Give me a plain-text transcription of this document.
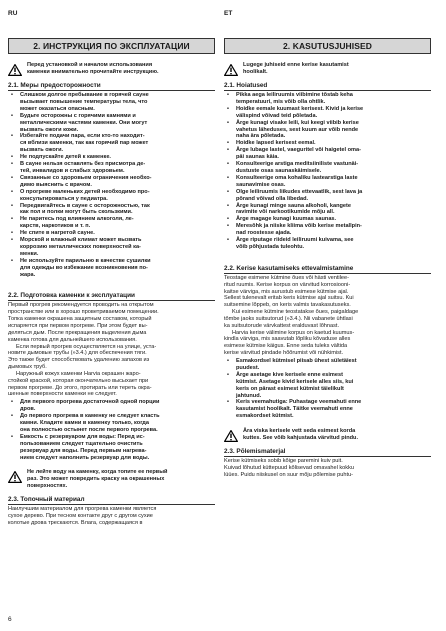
RU	ET
2. ИНСТРУКЦИЯ ПО ЭКСПЛУАТАЦИИ
Перед установкой и началом использования
каменки внимательно прочитайте инструкцию.
2.1. Меры предосторожности
• Слишком долгое пребывание в горячей сауне
вызывает повышение температуры тела, что
может оказаться опасным.
• Будьте осторожны с горячими камнями и
металлическими частями каменки. Они могут
вызвать ожоги кожи.
• Избегайте подачи пара, если кто-то находит-
ся вблизи каменки, так как горячий пар может
вызвать ожоги.
• Не подпускайте детей к каменке.
• В сауне нельзя оставлять без присмотра де-
тей, инвалидов и слабых здоровьем.
• Связанные со здоровьем ограничения необхо-
димо выяснить с врачом.
• О прогреве маленьких детей необходимо про-
консультироваться у педиатра.
• Передвигайтесь в сауне с осторожностью, так
как пол и полки могут быть скользкими.
• Не паритесь под влиянием алкоголя, ле-
карств, наркотиков и т. п.
• Не спите в нагретой сауне.
• Морской и влажный климат может вызвать
коррозию металлических поверхностей ка-
менки.
• Не используйте парильню в качестве сушилки
для одежды во избежание возникновения по-
жара.
2.2. Подготовка каменки к эксплуатации
Первый прогрев рекомендуется проводить на открытом
пространстве или в хорошо проветриваемом помещении.
Топка каменки окрашена защитным составом, который
испаряется при первом прогреве. При этом будет вы-
деляться дым. После прекращения выделения дыма
каменка готова для дальнейшего использования.
Если первый прогрев осуществляется на улице, уста-
новите дымовые трубы (»3.4.) для обеспечения тяги.
Это также будет способствовать удалению запахов из
дымовых труб.
Наружный кожух каменки Harvia окрашен жаро-
стойкой краской, которая окончательно высыхает при
первом прогреве. До этого, протирать или тереть окра-
шенные поверхности каменки не следует.
• Для первого прогрева достаточной одной порции
дров.
• До первого прогрева в каменку не следует класть
камни. Кладите камни в каменку только, когда
она полностью остынет после первого прогрева.
• Емкость с резервуаром для воды: Перед ис-
пользованием следует тщательно очистить
резервуар для воды. Перед первым нагрева-
нием следует наполнить резервуар для воды.
Не лейте воду на каменку, когда топите ее первый
раз. Это может повредить краску на окрашенных
поверхностях.
2.3. Топочный материал
Наилучшим материалом для прогрева каменки является
сухое дерево. При тесном контакте друг с другом сухие
колотые дрова трескаются. Влага, содержащаяся в
2. KASUTUSJUHISED
Lugege juhiseid enne kerise kasutamist
hoolikalt.
2.1. Hoiatused
• Pikka aega leiliruumis viibimine tõstab keha
temperatuuri, mis võib olla ohtlik.
• Hoidke eemale kuumast kerisest. Kivid ja kerise
välispind võivad teid põletada.
• Ärge kunagi visake leili, kui keegi viibib kerise
vahetus läheduses, sest kuum aur võib nende
naha ära põletada.
• Hoidke lapsed kerisest eemal.
• Ärge lubage lastel, vaeguritel või haigetel oma-
päi saunas käia.
• Konsulteerige arstiga meditsiiniliste vastunäi-
dustuste osas saunaskäimisele.
• Konsulteerige oma kohaliku lastearstiga laste
saunavimise osas.
• Olge leiliruumis liikudes ettevaatlik, sest lava ja
põrand võivad olla libedad.
• Ärge kunagi minge sauna alkoholi, kangete
ravimite või narkootikumide mõju all.
• Ärge magage kunagi kuumas saunas.
• Meresõhk ja niiske kliima võib kerise metallpin-
nad roostesse ajada.
• Ärge riputage riideid leiliruumi kuivama, see
võib põhjustada tuleohtu.
2.2. Kerise kasutamiseks ettevalmistamine
Teostage esimene kütmine õues või hästi ventilee-
ritud ruumis. Kerise korpus on värvitud korrosiooni-
kaitse värviga, mis aurustub esimese kütmise ajal.
Sellest tulenevalt eritab keris kütmise ajal suitsu. Kui
suitsemine lõppeb, on keris valmis tavakasutuseks.
Kui esimene kütmine teostatakse õues, paigaldage
tõmbe jaoks suitsutorud (»3.4.). Nii vabanete ühtlasi
ka suitsutorude värvkattest eralduvast lõhnast.
Harvia kerise välimine korpus on kaetud kuumus-
kindla värviga, mis saavutab lõpliku kõvaduse alles
esimese kütmise käigus. Enne seda tuleks vältida
kerise värvitud pindade hõõrumist või nühkimist.
• Esmakordsel kütmisel piisab ühest sületäiest
puudest.
• Ärge asetage kive kerisele enne esimest
kütmist. Asetage kivid kerisele alles siis, kui
keris on pärast esimest kütmist täielikult
jahtunud.
• Keris veemahutiga: Puhastage veemahuti enne
kasutamist hoolikalt. Täitke veemahuti enne
esmakordset kütmist.
Ära viska kerisele vett seda esimest korda
kuttes. See võib kahjustada värvitud pindu.
2.3. Põlemismaterjal
Kerise kütmiseks sobib kõige paremini kuiv puit.
Kuivad lõhutud küttepuud kõlisevad omavahel kokku
lüües. Puidu niiskusel on suur mõju põlemise puhtu-
6
